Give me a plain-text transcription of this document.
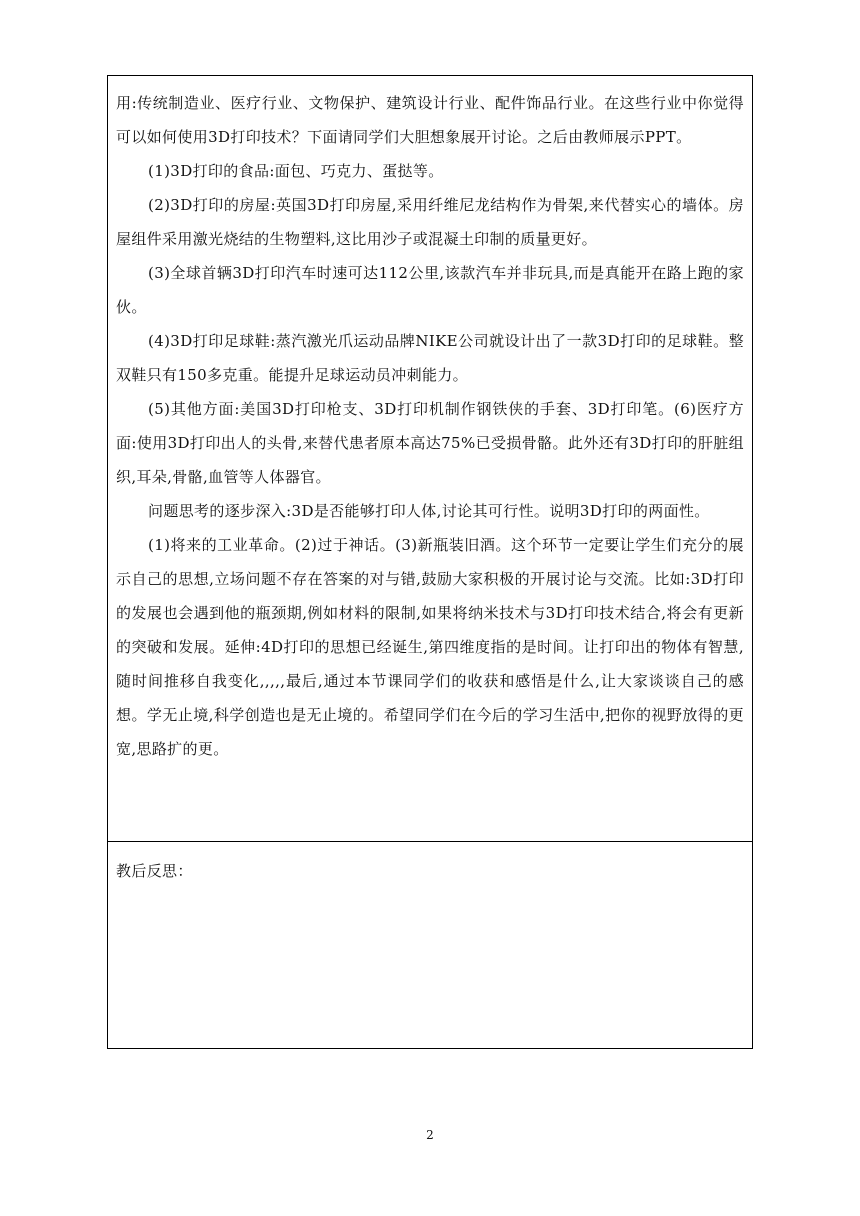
用:传统制造业、医疗行业、文物保护、建筑设计行业、配件饰品行业。在这些行业中你觉得可以如何使用3D打印技术？下面请同学们大胆想象展开讨论。之后由教师展示PPT。

(1)3D打印的食品:面包、巧克力、蛋挞等。

(2)3D打印的房屋:英国3D打印房屋,采用纤维尼龙结构作为骨架,来代替实心的墙体。房屋组件采用激光烧结的生物塑料,这比用沙子或混凝土印制的质量更好。

(3)全球首辆3D打印汽车时速可达112公里,该款汽车并非玩具,而是真能开在路上跑的家伙。

(4)3D打印足球鞋:蒸汽激光爪运动品牌NIKE公司就设计出了一款3D打印的足球鞋。整双鞋只有150多克重。能提升足球运动员冲刺能力。

(5)其他方面:美国3D打印枪支、3D打印机制作钢铁侠的手套、3D打印笔。(6)医疗方面:使用3D打印出人的头骨,来替代患者原本高达75%已受损骨骼。此外还有3D打印的肝脏组织,耳朵,骨骼,血管等人体器官。

问题思考的逐步深入:3D是否能够打印人体,讨论其可行性。说明3D打印的两面性。

(1)将来的工业革命。(2)过于神话。(3)新瓶装旧酒。这个环节一定要让学生们充分的展示自己的思想,立场问题不存在答案的对与错,鼓励大家积极的开展讨论与交流。比如:3D打印的发展也会遇到他的瓶颈期,例如材料的限制,如果将纳米技术与3D打印技术结合,将会有更新的突破和发展。延伸:4D打印的思想已经诞生,第四维度指的是时间。让打印出的物体有智慧,随时间推移自我变化,,,,,最后,通过本节课同学们的收获和感悟是什么,让大家谈谈自己的感想。学无止境,科学创造也是无止境的。希望同学们在今后的学习生活中,把你的视野放得的更宽,思路扩的更。

教后反思：

2
